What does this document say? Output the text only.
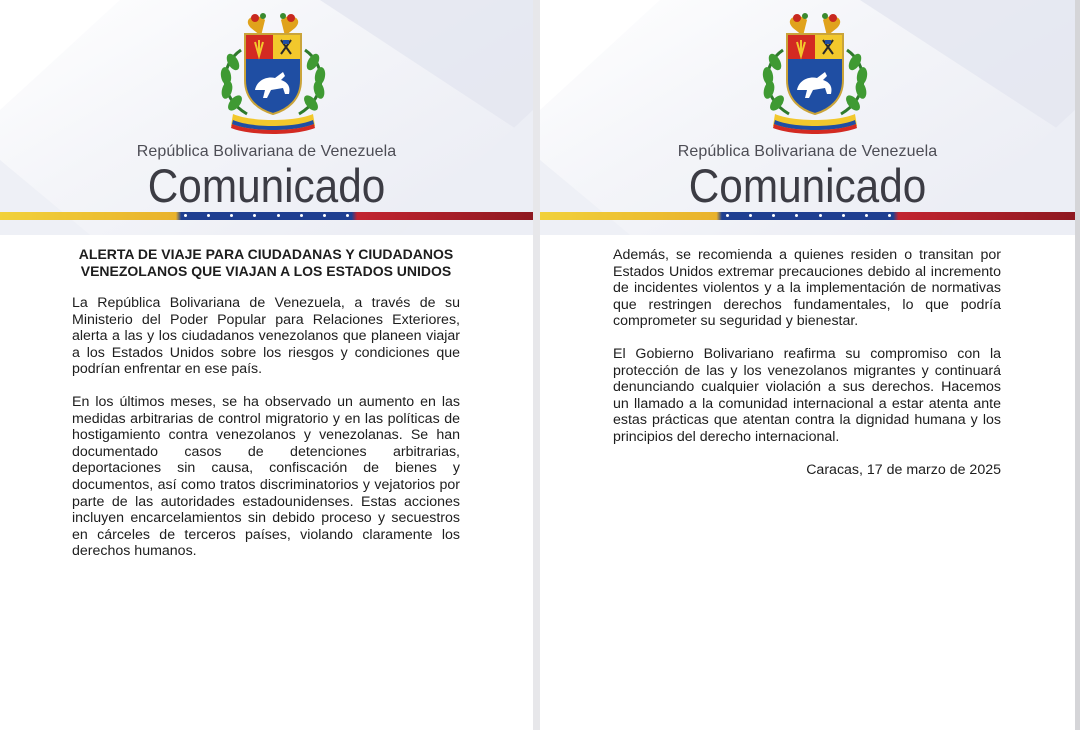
República Bolivariana de Venezuela
Comunicado

ALERTA DE VIAJE PARA CIUDADANAS Y CIUDADANOS VENEZOLANOS QUE VIAJAN A LOS ESTADOS UNIDOS

La República Bolivariana de Venezuela, a través de su Ministerio del Poder Popular para Relaciones Exteriores, alerta a las y los ciudadanos venezolanos que planeen viajar a los Estados Unidos sobre los riesgos y condiciones que podrían enfrentar en ese país.

En los últimos meses, se ha observado un aumento en las medidas arbitrarias de control migratorio y en las políticas de hostigamiento contra venezolanos y venezolanas. Se han documentado casos de detenciones arbitrarias, deportaciones sin causa, confiscación de bienes y documentos, así como tratos discriminatorios y vejatorios por parte de las autoridades estadounidenses. Estas acciones incluyen encarcelamientos sin debido proceso y secuestros en cárceles de terceros países, violando claramente los derechos humanos.

República Bolivariana de Venezuela
Comunicado

Además, se recomienda a quienes residen o transitan por Estados Unidos extremar precauciones debido al incremento de incidentes violentos y a la implementación de normativas que restringen derechos fundamentales, lo que podría comprometer su seguridad y bienestar.

El Gobierno Bolivariano reafirma su compromiso con la protección de las y los venezolanos migrantes y continuará denunciando cualquier violación a sus derechos. Hacemos un llamado a la comunidad internacional a estar atenta ante estas prácticas que atentan contra la dignidad humana y los principios del derecho internacional.

Caracas, 17 de marzo de 2025
